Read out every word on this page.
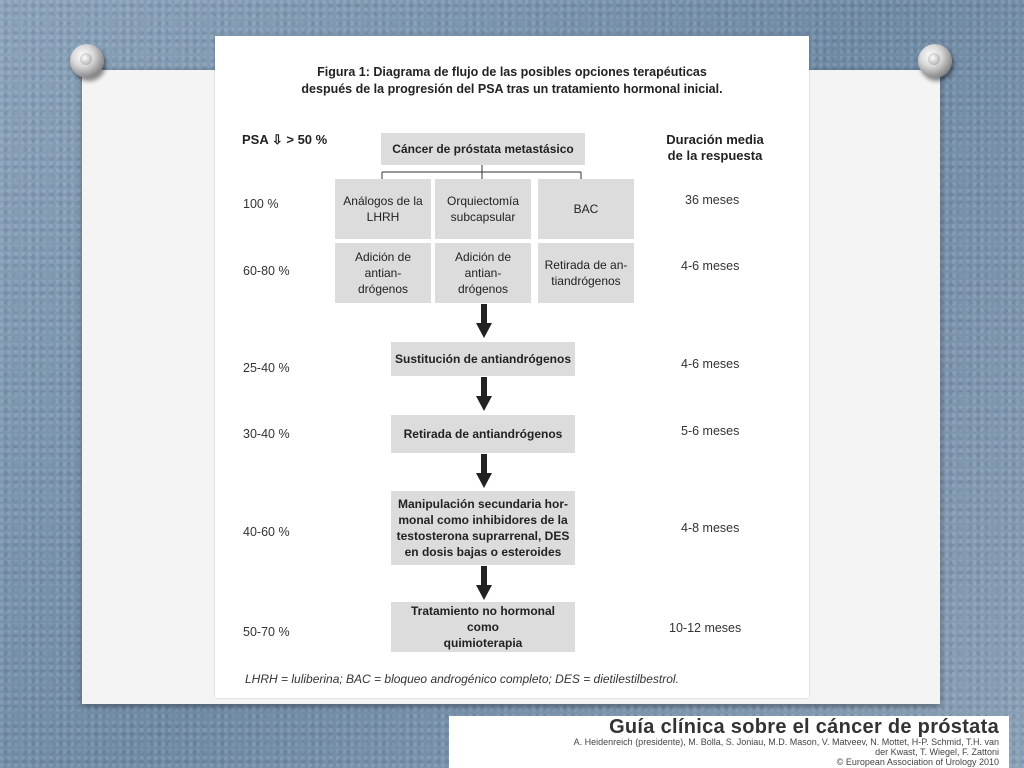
Figura 1: Diagrama de flujo de las posibles opciones terapéuticas
después de la progresión del PSA tras un tratamiento hormonal inicial.
PSA ⇩ > 50 %	Duración media
de la respuesta
Cáncer de próstata metastásico
Análogos de la
LHRH
Orquiectomía
subcapsular
BAC
Adición de antian-
drógenos
Adición de antian-
drógenos
Retirada de an-
tiandrógenos
Sustitución de antiandrógenos
Retirada de antiandrógenos
Manipulación secundaria hor-
monal como inhibidores de la
testosterona suprarrenal, DES
en dosis bajas o esteroides
Tratamiento no hormonal como
quimioterapia
100 %
60-80 %
25-40 %
30-40 %
40-60 %
50-70 %
36 meses
4-6 meses
4-6 meses
5-6 meses
4-8 meses
10-12 meses
LHRH = luliberina; BAC = bloqueo androgénico completo; DES = dietilestilbestrol.
Guía clínica sobre el cáncer de próstata
A. Heidenreich (presidente), M. Bolla, S. Joniau, M.D. Mason, V. Matveev, N. Mottet, H-P. Schmid, T.H. van
der Kwast, T. Wiegel, F. Zattoni
© European Association of Urology 2010
